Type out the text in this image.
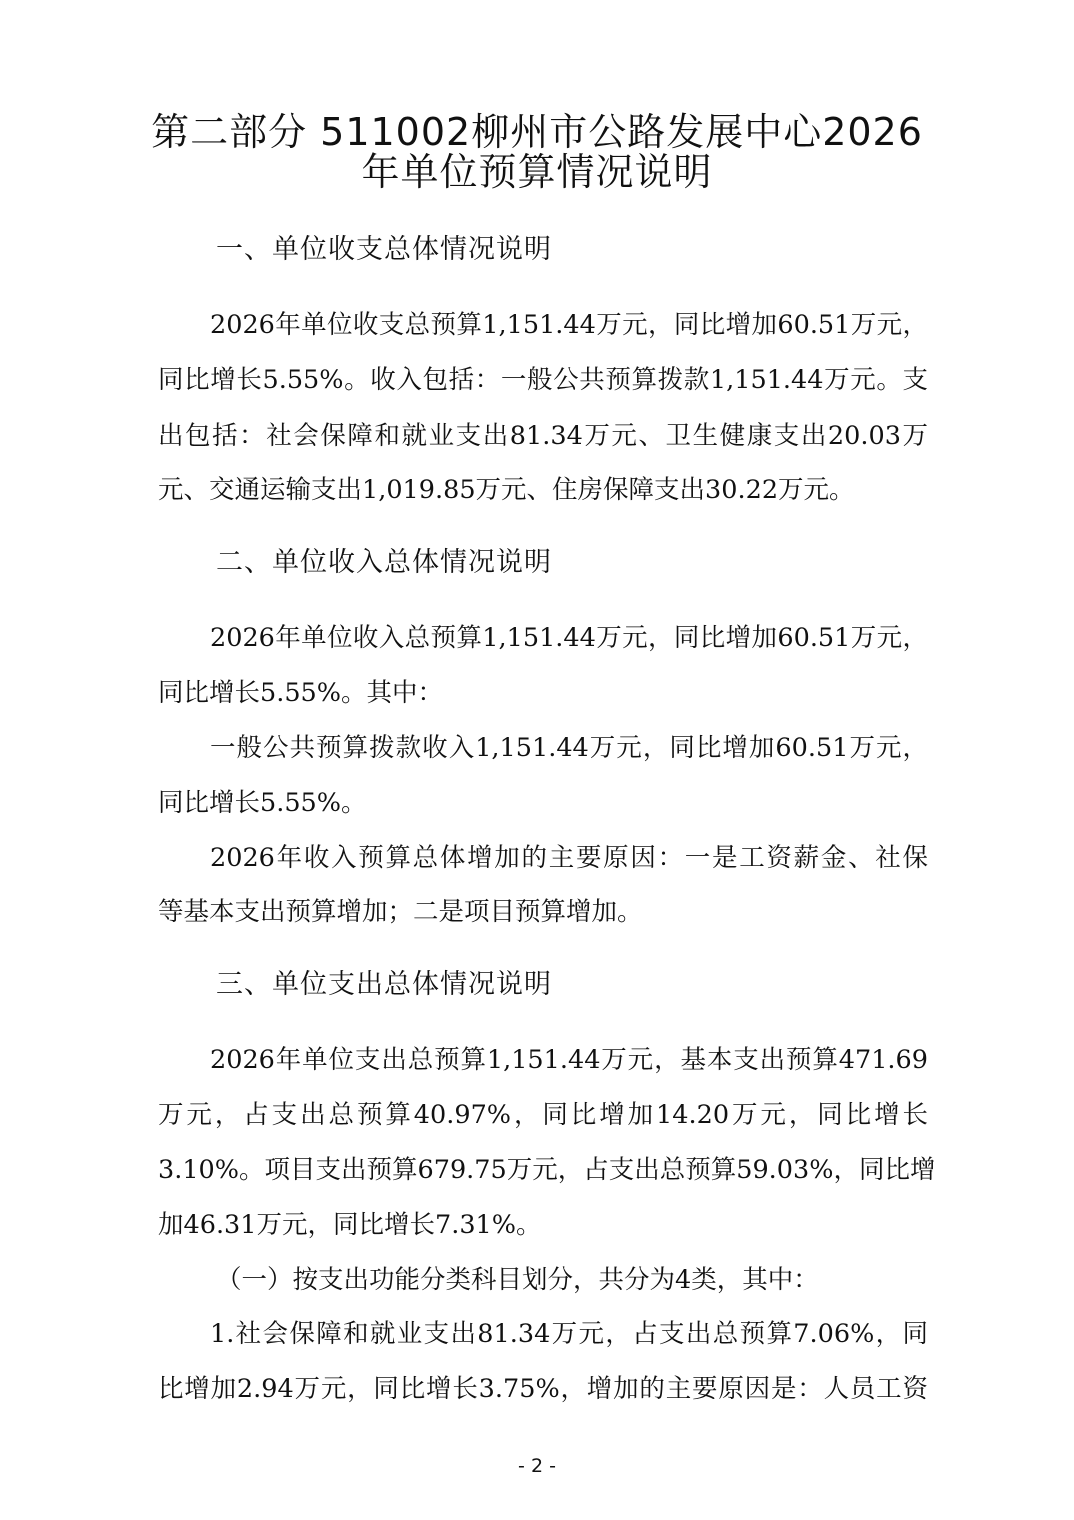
第二部分 511002柳州市公路发展中心2026
年单位预算情况说明
一、单位收支总体情况说明
2026年单位收支总预算1,151.44万元，同比增加60.51万元，
同比增长5.55%。收入包括：一般公共预算拨款1,151.44万元。支
出包括：社会保障和就业支出81.34万元、卫生健康支出20.03万
元、交通运输支出1,019.85万元、住房保障支出30.22万元。
二、单位收入总体情况说明
2026年单位收入总预算1,151.44万元，同比增加60.51万元，
同比增长5.55%。其中：
一般公共预算拨款收入1,151.44万元，同比增加60.51万元，
同比增长5.55%。
2026年收入预算总体增加的主要原因：一是工资薪金、社保
等基本支出预算增加；二是项目预算增加。
三、单位支出总体情况说明
2026年单位支出总预算1,151.44万元，基本支出预算471.69
万元，占支出总预算40.97%，同比增加14.20万元，同比增长
3.10%。项目支出预算679.75万元，占支出总预算59.03%，同比增
加46.31万元，同比增长7.31%。
（一）按支出功能分类科目划分，共分为4类，其中：
1.社会保障和就业支出81.34万元，占支出总预算7.06%，同
比增加2.94万元，同比增长3.75%，增加的主要原因是：人员工资
- 2 -
